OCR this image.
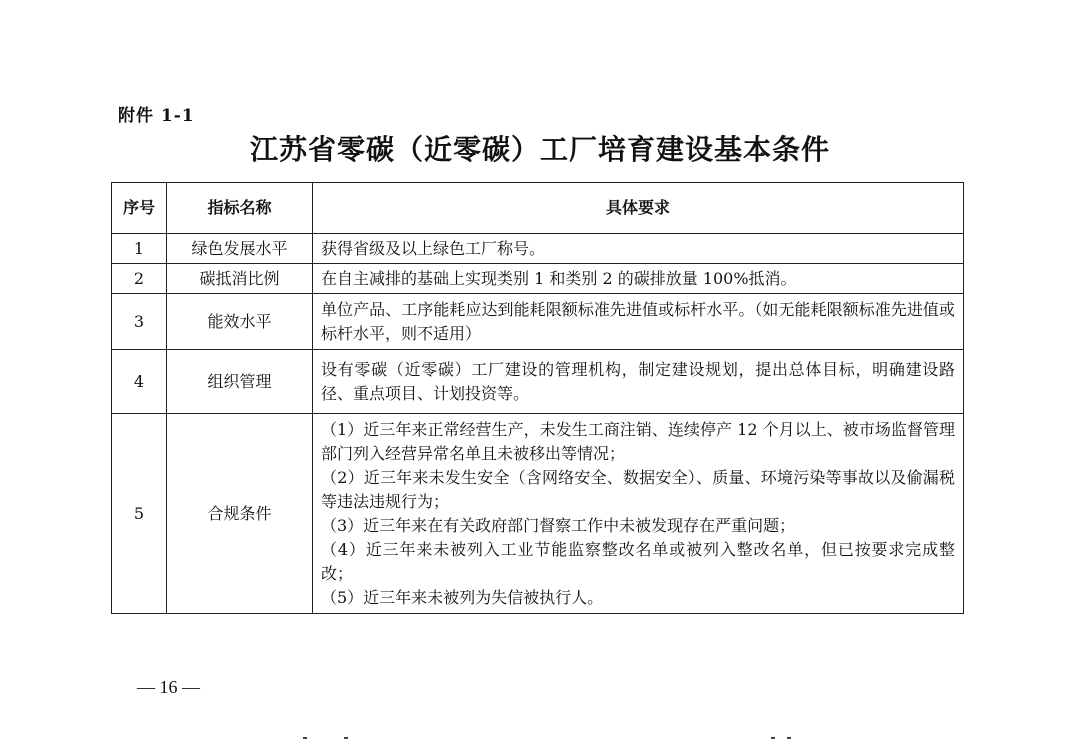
附件 1-1
江苏省零碳（近零碳）工厂培育建设基本条件
序号	指标名称	具体要求
1	绿色发展水平	获得省级及以上绿色工厂称号。

2	碳抵消比例	在自主减排的基础上实现类别 1 和类别 2 的碳排放量 100%抵消。

3	能效水平	单位产品、工序能耗应达到能耗限额标准先进值或标杆水平。（如无能耗限额标准先进值或标杆水平，则不适用）

4	组织管理	设有零碳（近零碳）工厂建设的管理机构，制定建设规划，提出总体目标，明确建设路径、重点项目、计划投资等。

5	合规条件	（1）近三年来正常经营生产，未发生工商注销、连续停产 12 个月以上、被市场监督管理部门列入经营异常名单且未被移出等情况；
（2）近三年来未发生安全（含网络安全、数据安全）、质量、环境污染等事故以及偷漏税等违法违规行为；
（3）近三年来在有关政府部门督察工作中未被发现存在严重问题；
（4）近三年来未被列入工业节能监察整改名单或被列入整改名单，但已按要求完成整改；
（5）近三年来未被列为失信被执行人。
— 16 —
